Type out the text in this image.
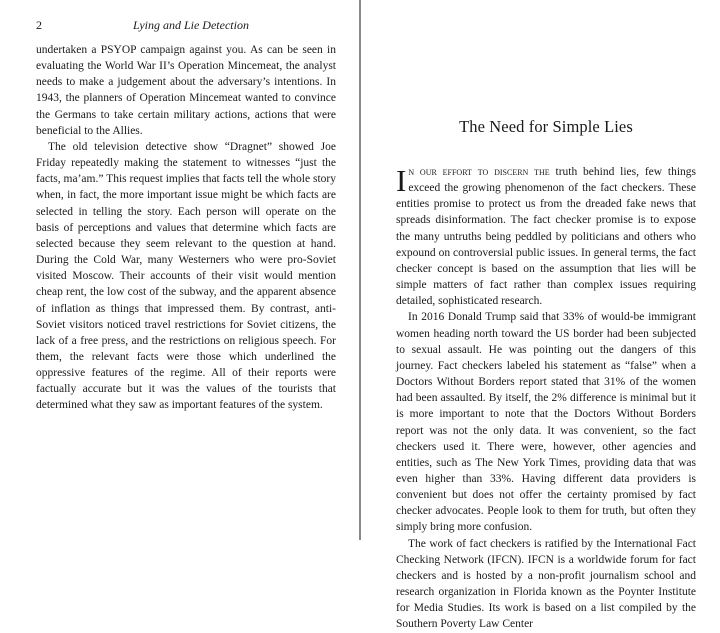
2	Lying and Lie Detection

undertaken a PSYOP campaign against you. As can be seen in evaluating the World War II’s Operation Mincemeat, the analyst needs to make a judgement about the adversary’s intentions. In 1943, the planners of Operation Mincemeat wanted to convince the Germans to take certain military actions, actions that were beneficial to the Allies.

The old television detective show “Dragnet” showed Joe Friday repeatedly making the statement to witnesses “just the facts, ma’am.” This request implies that facts tell the whole story when, in fact, the more important issue might be which facts are selected in telling the story. Each person will operate on the basis of perceptions and values that determine which facts are selected because they seem relevant to the question at hand. During the Cold War, many Westerners who were pro-Soviet visited Moscow. Their accounts of their visit would mention cheap rent, the low cost of the subway, and the apparent absence of inflation as things that impressed them. By contrast, anti-Soviet visitors noticed travel restrictions for Soviet citizens, the lack of a free press, and the restrictions on religious speech. For them, the relevant facts were those which underlined the oppressive features of the regime. All of their reports were factually accurate but it was the values of the tourists that determined what they saw as important features of the system.

The Need for Simple Lies

In our effort to discern the truth behind lies, few things exceed the growing phenomenon of the fact checkers. These entities promise to protect us from the dreaded fake news that spreads disinformation. The fact checker promise is to expose the many untruths being peddled by politicians and others who expound on controversial public issues. In general terms, the fact checker concept is based on the assumption that lies will be simple matters of fact rather than complex issues requiring detailed, sophisticated research.

In 2016 Donald Trump said that 33% of would-be immigrant women heading north toward the US border had been subjected to sexual assault. He was pointing out the dangers of this journey. Fact checkers labeled his statement as “false” when a Doctors Without Borders report stated that 31% of the women had been assaulted. By itself, the 2% difference is minimal but it is more important to note that the Doctors Without Borders report was not the only data. It was convenient, so the fact checkers used it. There were, however, other agencies and entities, such as The New York Times, providing data that was even higher than 33%. Having different data providers is convenient but does not offer the certainty promised by fact checker advocates. People look to them for truth, but often they simply bring more confusion.

The work of fact checkers is ratified by the International Fact Checking Network (IFCN). IFCN is a worldwide forum for fact checkers and is hosted by a non-profit journalism school and research organization in Florida known as the Poynter Institute for Media Studies. Its work is based on a list compiled by the Southern Poverty Law Center
